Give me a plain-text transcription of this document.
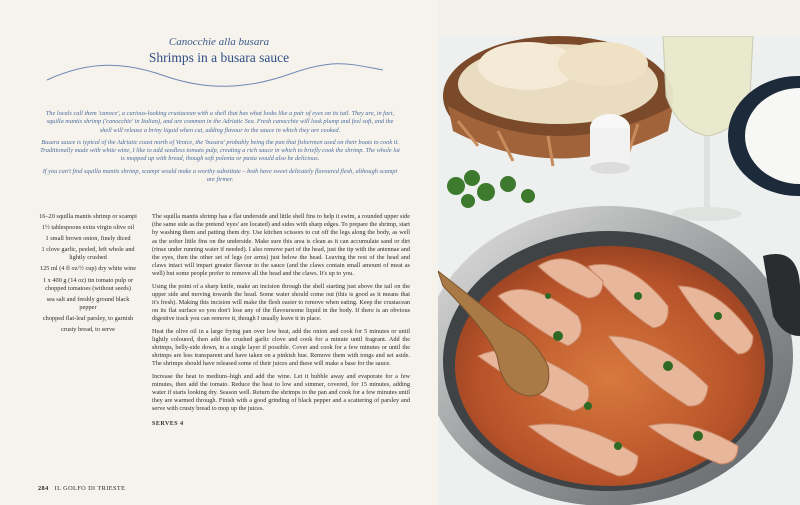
Canocchie alla busara
Shrimps in a busara sauce

The locals call them 'canoce', a curious-looking crustacean with a shell that has what looks like a pair of eyes on its tail. They are, in fact, squilla mantis shrimp ('canocchie' in Italian), and are common in the Adriatic Sea. Fresh canocchie will look plump and feel soft, and the shell will release a briny liquid when cut, adding flavour to the sauce in which they are cooked.

Busara sauce is typical of the Adriatic coast north of Venice, the 'busara' probably being the pan that fishermen used on their boats to cook it. Traditionally made with white wine, I like to add seedless tomato pulp, creating a rich sauce in which to briefly cook the shrimp. The whole lot is mopped up with bread, though soft polenta or pasta would also be delicious.

If you can't find squilla mantis shrimp, scampi would make a worthy substitute – both have sweet delicately flavoured flesh, although scampi are firmer.

16–20 squilla mantis shrimp or scampi
1½ tablespoons extra virgin olive oil
1 small brown onion, finely diced
1 clove garlic, peeled, left whole and lightly crushed
125 ml (4 fl oz/½ cup) dry white wine
1 x 400 g (14 oz) tin tomato pulp or chopped tomatoes (without seeds)
sea salt and freshly ground black pepper
chopped flat-leaf parsley, to garnish
crusty bread, to serve

The squilla mantis shrimp has a flat underside and little shell fins to help it swim, a rounded upper side (the same side as the pretend 'eyes' are located) and sides with sharp edges. To prepare the shrimp, start by washing them and patting them dry. Use kitchen scissors to cut off the legs along the body, as well as the softer little fins on the underside. Make sure this area is clean as it can accumulate sand or dirt (rinse under running water if needed). I also remove part of the head, just the tip with the antennae and the eyes, then the other set of legs (or arms) just below the head. Leaving the rest of the head and claws intact will impart greater flavour to the sauce (and the claws contain small amount of meat as well) but some people prefer to remove all the head and the claws. It's up to you.

Using the point of a sharp knife, make an incision through the shell starting just above the tail on the upper side and moving towards the head. Some water should come out (this is good as it means that it's fresh). Making this incision will make the flesh easier to remove when eating. Keep the crustacean on its flat surface so you don't lose any of the flavoursome liquid in the body. If there is an obvious digestive track you can remove it, though I usually leave it in place.

Heat the olive oil in a large frying pan over low heat, add the onion and cook for 5 minutes or until lightly coloured, then add the crushed garlic clove and cook for a minute until fragrant. Add the shrimps, belly-side down, in a single layer if possible. Cover and cook for a few minutes or until the shrimps are less transparent and have taken on a pinkish hue. Remove them with tongs and set aside. The shrimps should have released some of their juices and these will make a base for the sauce.

Increase the heat to medium–high and add the wine. Let it bubble away and evaporate for a few minutes, then add the tomato. Reduce the heat to low and simmer, covered, for 15 minutes, adding water if starts looking dry. Season well. Return the shrimps to the pan and cook for a few minutes until they are warmed through. Finish with a good grinding of black pepper and a scattering of parsley and serve with crusty bread to mop up the juices.

SERVES 4
284 IL GOLFO DI TRIESTE
